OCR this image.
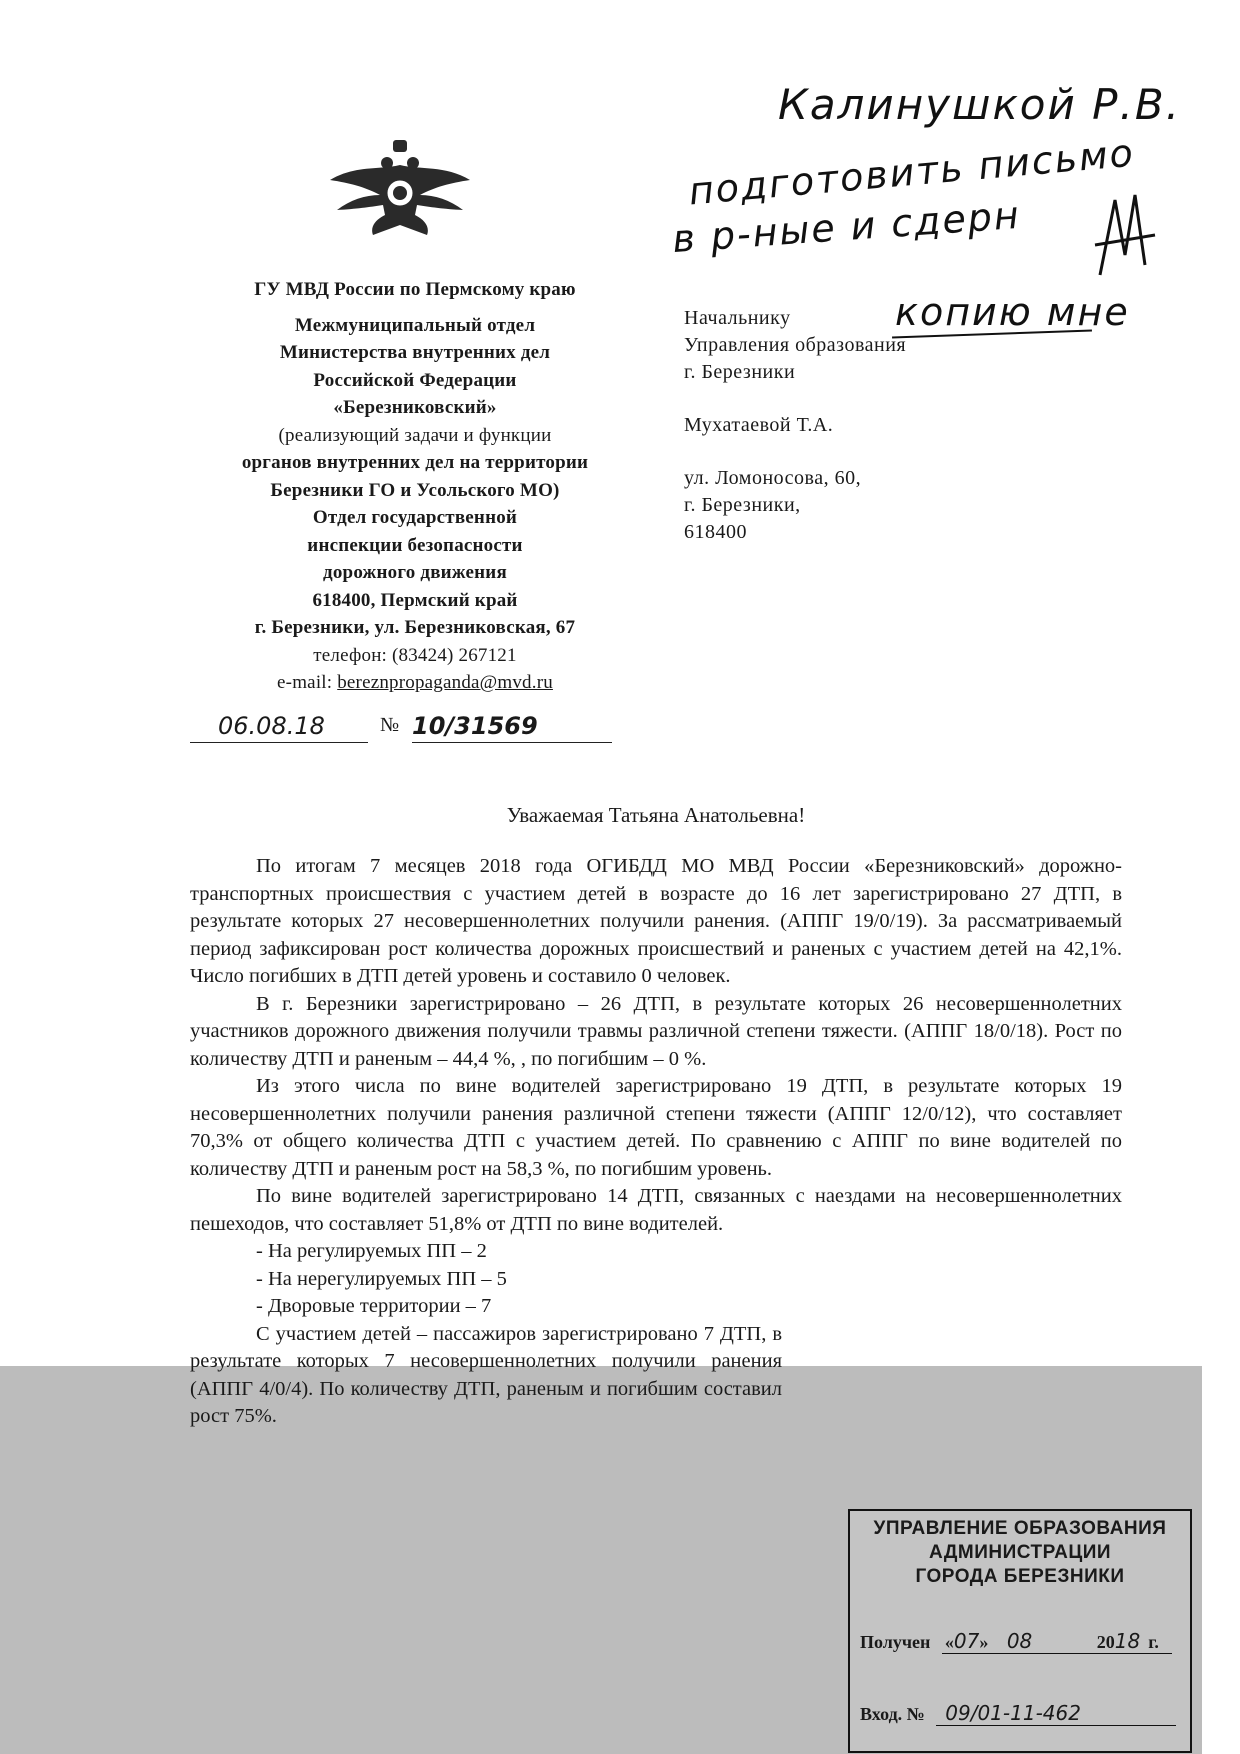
ГУ МВД России по Пермскому краю
Межмуниципальный отдел
Министерства внутренних дел
Российской Федерации
«Березниковский»
(реализующий задачи и функции
органов внутренних дел на территории
Березники ГО и Усольского МО)
Отдел государственной
инспекции безопасности
дорожного движения
618400, Пермский край
г. Березники, ул. Березниковская, 67
телефон: (83424) 267121
e-mail: bereznpropaganda@mvd.ru
06.08.18	№ 10/31569
Калинушкой Р.В.
подготовить письмо
в р-ные и сдерн
копию мне

Начальнику

Управления образования

г. Березники

Мухатаевой Т.А.

ул. Ломоносова, 60,

г. Березники,

618400

Уважаемая Татьяна Анатольевна!

По итогам 7 месяцев 2018 года ОГИБДД МО МВД России «Березниковский» дорожно-транспортных происшествия с участием детей в возрасте до 16 лет зарегистрировано 27 ДТП, в результате которых 27 несовершеннолетних получили ранения. (АППГ 19/0/19). За рассматриваемый период зафиксирован рост количества дорожных происшествий и раненых с участием детей на 42,1%. Число погибших в ДТП детей уровень и составило 0 человек.

В г. Березники зарегистрировано – 26 ДТП, в результате которых 26 несовершеннолетних участников дорожного движения получили травмы различной степени тяжести. (АППГ 18/0/18). Рост по количеству ДТП и раненым – 44,4 %, , по погибшим – 0 %.

Из этого числа по вине водителей зарегистрировано 19 ДТП, в результате которых 19 несовершеннолетних получили ранения различной степени тяжести (АППГ 12/0/12), что составляет 70,3% от общего количества ДТП с участием детей. По сравнению с АППГ по вине водителей по количеству ДТП и раненым рост на 58,3 %, по погибшим уровень.

По вине водителей зарегистрировано 14 ДТП, связанных с наездами на несовершеннолетних пешеходов, что составляет 51,8% от ДТП по вине водителей.

- На регулируемых ПП – 2

- На нерегулируемых ПП – 5

- Дворовые территории – 7

С участием детей – пассажиров зарегистрировано 7 ДТП, в результате которых 7 несовершеннолетних получили ранения (АППГ 4/0/4). По количеству ДТП, раненым и погибшим составил рост 75%.

УПРАВЛЕНИЕ ОБРАЗОВАНИЯ
АДМИНИСТРАЦИИ
ГОРОДА БЕРЕЗНИКИ
Получен «07» 08	2018 г.
Вход. № 09/01-11-462
